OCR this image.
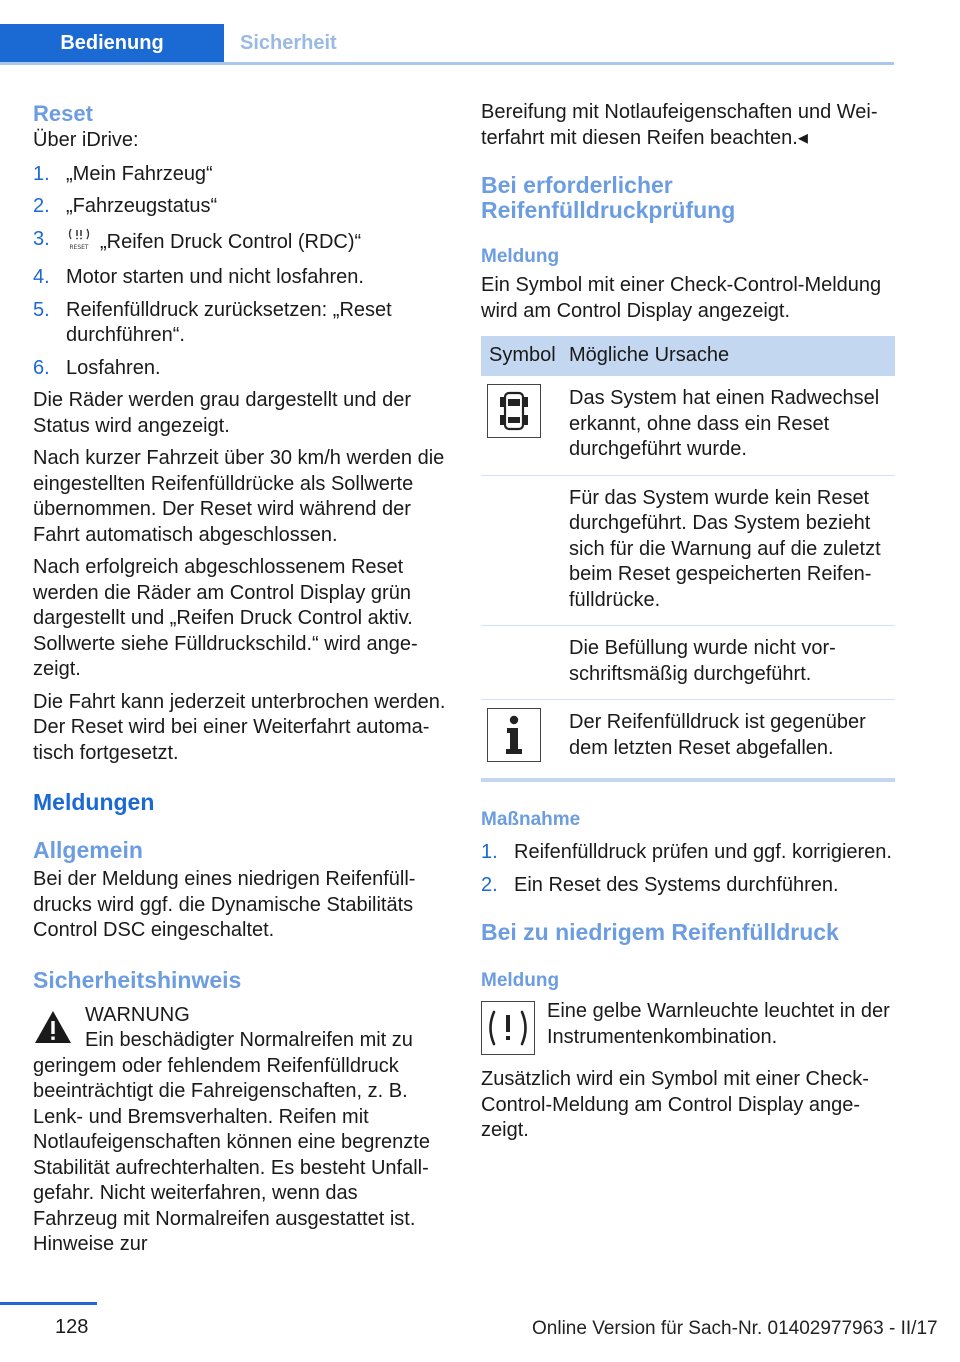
Bedienung	Sicherheit
Reset

Über iDrive:

1. „Mein Fahrzeug“
2. „Fahrzeugstatus“
3.	RESET „Reifen Druck Control (RDC)“
4. Motor starten und nicht losfahren.
5. Reifenfülldruck zurücksetzen: „Reset durchführen“.
6. Losfahren.

Die Räder werden grau dargestellt und der Status wird angezeigt.

Nach kurzer Fahrzeit über 30 km/h werden die eingestellten Reifenfülldrücke als Sollwerte übernommen. Der Reset wird während der Fahrt automatisch abgeschlossen.

Nach erfolgreich abgeschlossenem Reset werden die Räder am Control Display grün dargestellt und „Reifen Druck Control aktiv. Sollwerte siehe Fülldruckschild.“ wird angezeigt.

Die Fahrt kann jederzeit unterbrochen werden. Der Reset wird bei einer Weiterfahrt automatisch fortgesetzt.

Meldungen
Allgemein

Bei der Meldung eines niedrigen Reifenfülldrucks wird ggf. die Dynamische Stabilitäts Control DSC eingeschaltet.

Sicherheitshinweis
WARNUNG
Ein beschädigter Normalreifen mit zu geringem oder fehlendem Reifenfülldruck beeinträchtigt die Fahreigenschaften, z. B. Lenk- und Bremsverhalten. Reifen mit Notlaufeigenschaften können eine begrenzte Stabilität aufrechterhalten. Es besteht Unfallgefahr. Nicht weiterfahren, wenn das Fahrzeug mit Normalreifen ausgestattet ist. Hinweise zur

Bereifung mit Notlaufeigenschaften und Weiterfahrt mit diesen Reifen beachten.◂

Bei erforderlicher Reifenfülldruckprüfung
Meldung

Ein Symbol mit einer Check-Control-Meldung wird am Control Display angezeigt.

Symbol	Mögliche Ursache

	Das System hat einen Radwechsel erkannt, ohne dass ein Reset durchgeführt wurde.
	Für das System wurde kein Reset durchgeführt. Das System bezieht sich für die Warnung auf die zuletzt beim Reset gespeicherten Reifenfülldrücke.
	Die Befüllung wurde nicht vorschriftsmäßig durchgeführt.

	Der Reifenfülldruck ist gegenüber dem letzten Reset abgefallen.
Maßnahme
1. Reifenfülldruck prüfen und ggf. korrigieren.
2. Ein Reset des Systems durchführen.
Bei zu niedrigem Reifenfülldruck
Meldung

Eine gelbe Warnleuchte leuchtet in der Instrumentenkombination.

Zusätzlich wird ein Symbol mit einer Check-Control-Meldung am Control Display angezeigt.

128	Online Version für Sach-Nr. 01402977963 - II/17
